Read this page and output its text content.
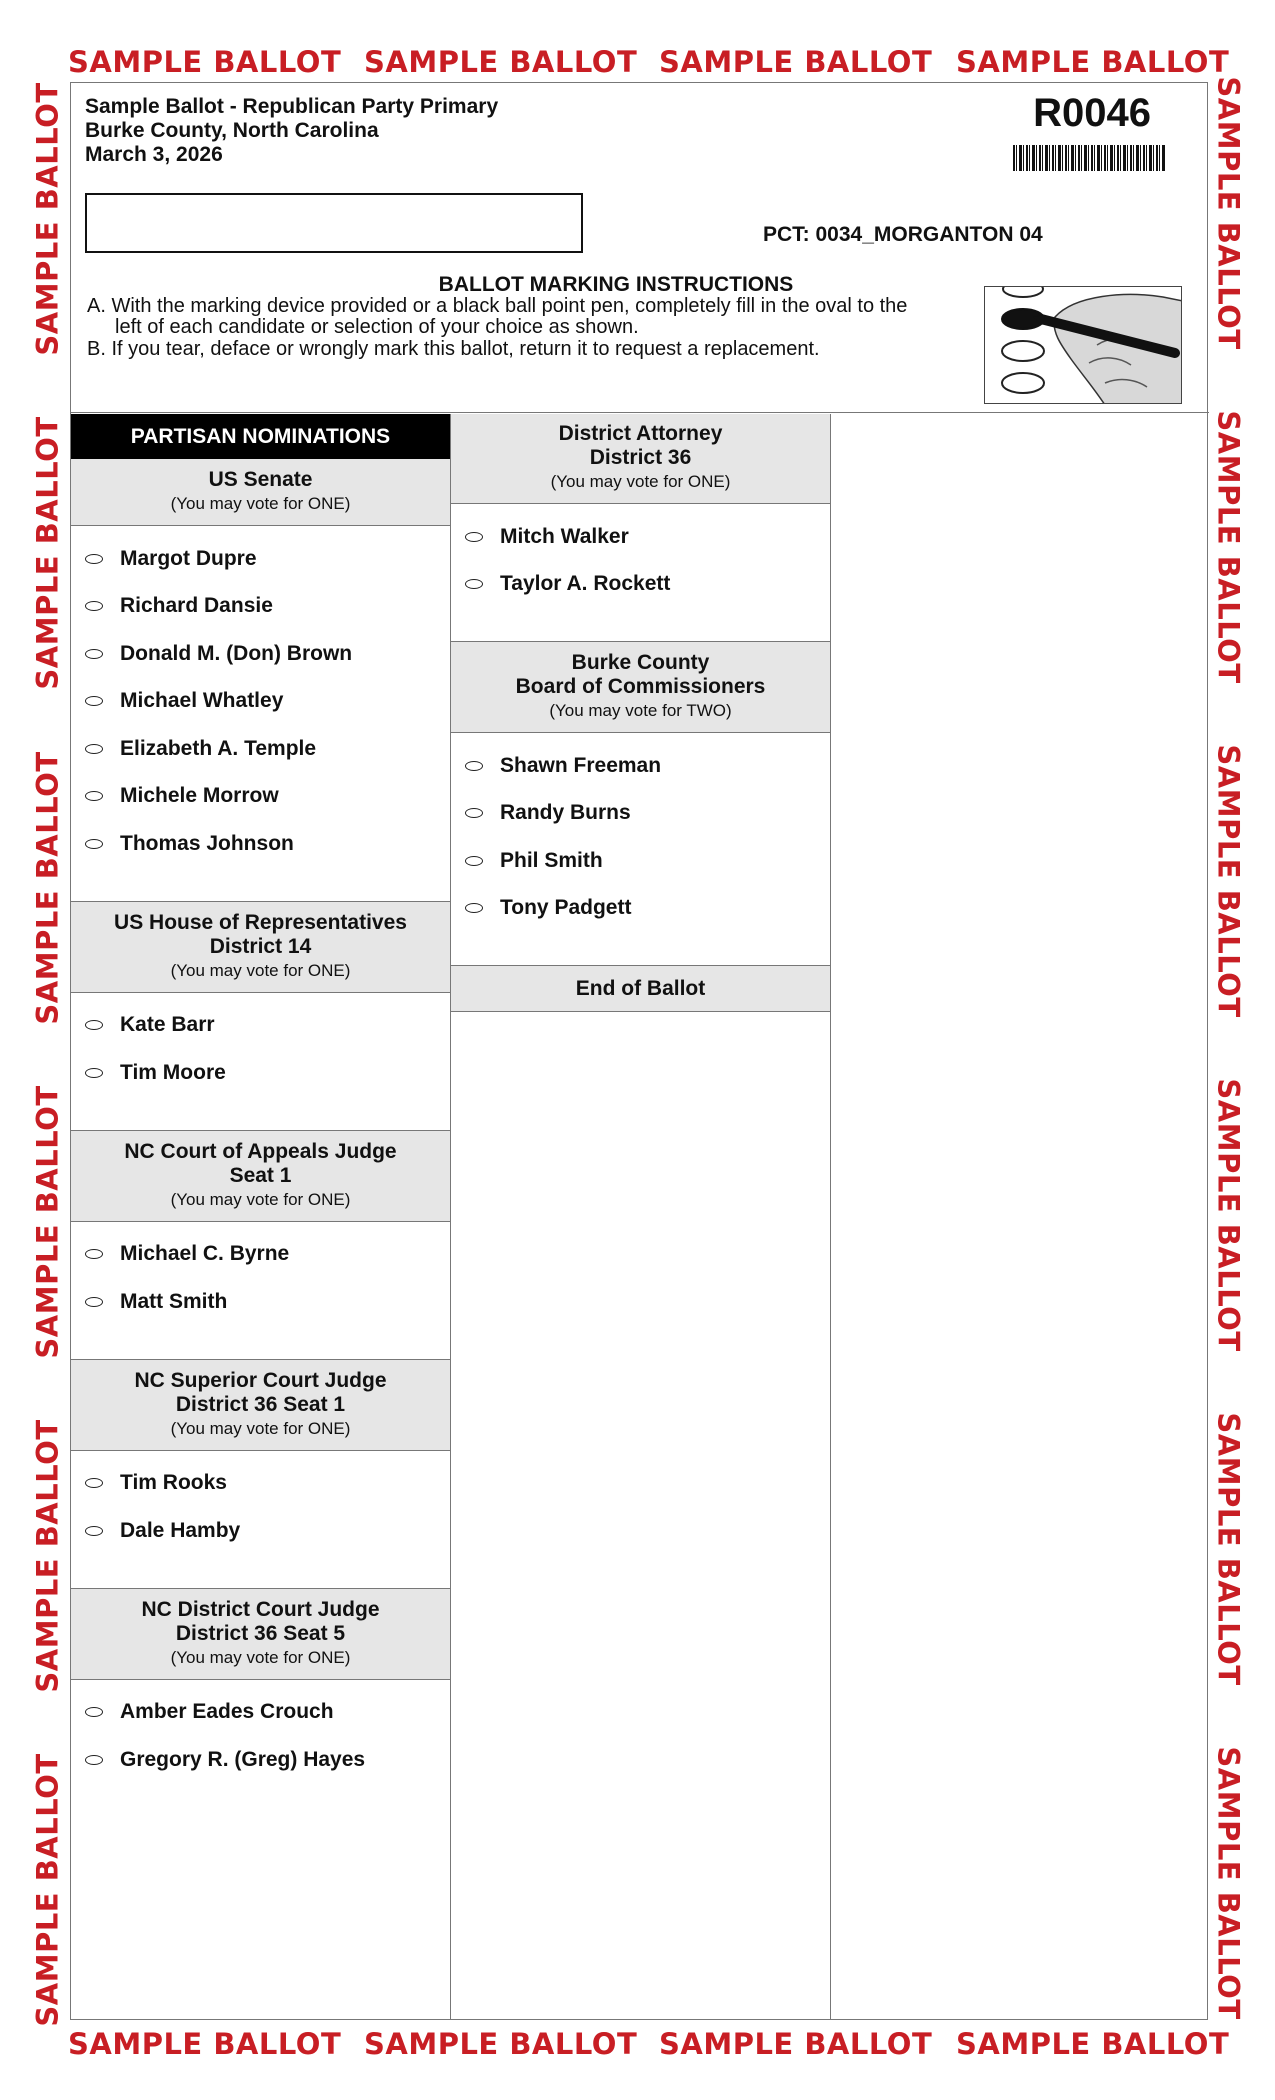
SAMPLE BALLOT SAMPLE BALLOT SAMPLE BALLOT SAMPLE BALLOT
SAMPLE BALLOT SAMPLE BALLOT SAMPLE BALLOT SAMPLE BALLOT
SAMPLE BALLOT
SAMPLE BALLOT
SAMPLE BALLOT
SAMPLE BALLOT
SAMPLE BALLOT
SAMPLE BALLOT
SAMPLE BALLOT
SAMPLE BALLOT
SAMPLE BALLOT
SAMPLE BALLOT
SAMPLE BALLOT
SAMPLE BALLOT
Sample Ballot - Republican Party Primary
Burke County, North Carolina
March 3, 2026
R0046
PCT: 0034_MORGANTON 04
BALLOT MARKING INSTRUCTIONS
A. With the marking device provided or a black ball point pen, completely fill in the oval to the
left of each candidate or selection of your choice as shown.
B. If you tear, deface or wrongly mark this ballot, return it to request a replacement.
PARTISAN NOMINATIONS
US Senate
(You may vote for ONE)
Margot Dupre
Richard Dansie
Donald M. (Don) Brown
Michael Whatley
Elizabeth A. Temple
Michele Morrow
Thomas Johnson
US House of Representatives
District 14
(You may vote for ONE)
Kate Barr
Tim Moore
NC Court of Appeals Judge
Seat 1
(You may vote for ONE)
Michael C. Byrne
Matt Smith
NC Superior Court Judge
District 36 Seat 1
(You may vote for ONE)
Tim Rooks
Dale Hamby
NC District Court Judge
District 36 Seat 5
(You may vote for ONE)
Amber Eades Crouch
Gregory R. (Greg) Hayes
District Attorney
District 36
(You may vote for ONE)
Mitch Walker
Taylor A. Rockett
Burke County
Board of Commissioners
(You may vote for TWO)
Shawn Freeman
Randy Burns
Phil Smith
Tony Padgett
End of Ballot
